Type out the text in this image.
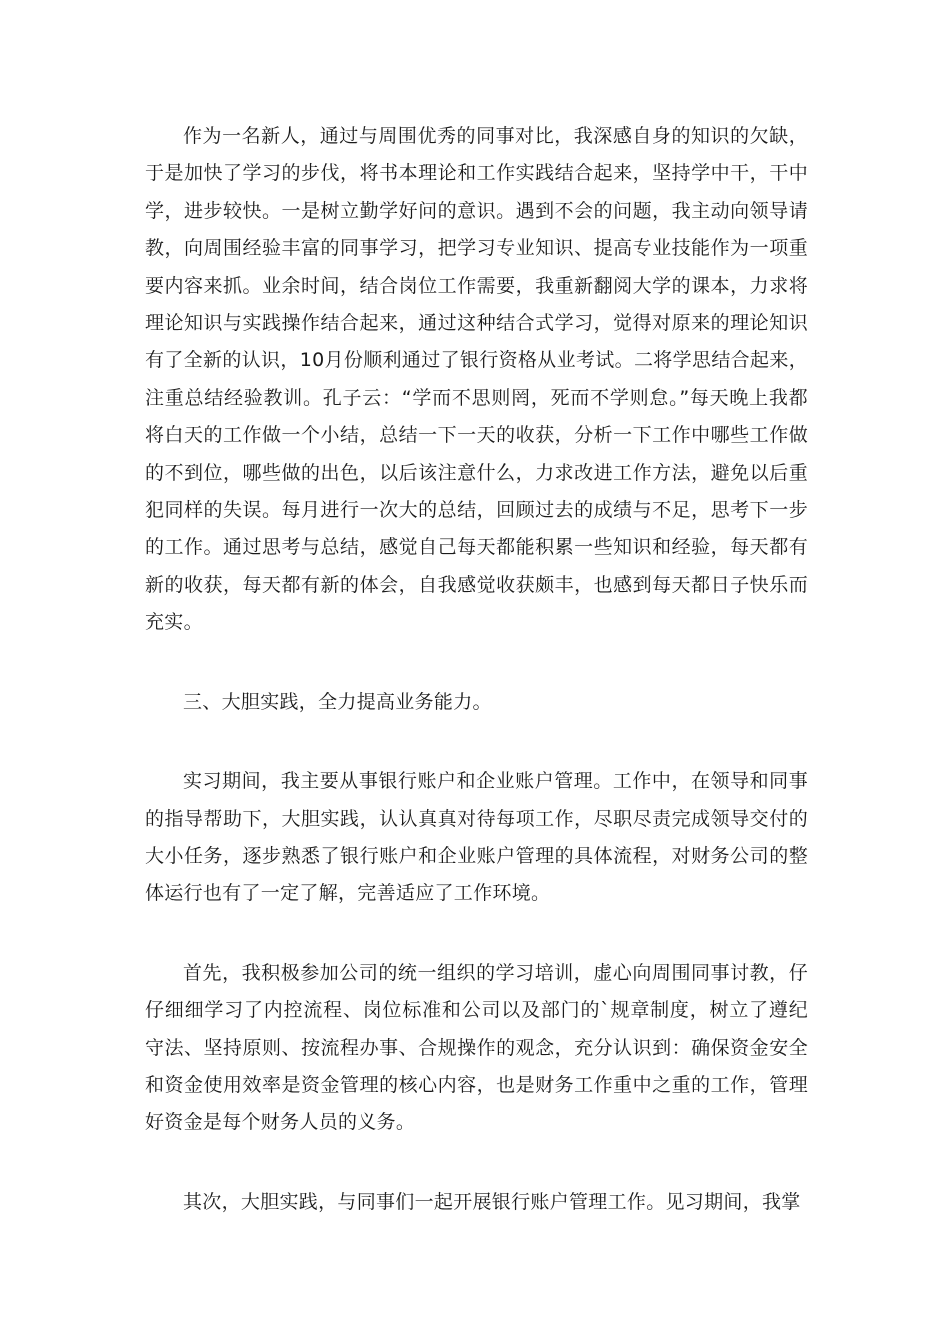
作为一名新人，通过与周围优秀的同事对比，我深感自身的知识的欠缺，于是加快了学习的步伐，将书本理论和工作实践结合起来，坚持学中干，干中学，进步较快。一是树立勤学好问的意识。遇到不会的问题，我主动向领导请教，向周围经验丰富的同事学习，把学习专业知识、提高专业技能作为一项重要内容来抓。业余时间，结合岗位工作需要，我重新翻阅大学的课本，力求将理论知识与实践操作结合起来，通过这种结合式学习，觉得对原来的理论知识有了全新的认识，10月份顺利通过了银行资格从业考试。二将学思结合起来，注重总结经验教训。孔子云：“学而不思则罔，死而不学则怠。”每天晚上我都将白天的工作做一个小结，总结一下一天的收获，分析一下工作中哪些工作做的不到位，哪些做的出色，以后该注意什么，力求改进工作方法，避免以后重犯同样的失误。每月进行一次大的总结，回顾过去的成绩与不足，思考下一步的工作。通过思考与总结，感觉自己每天都能积累一些知识和经验，每天都有新的收获，每天都有新的体会，自我感觉收获颇丰，也感到每天都日子快乐而充实。

三、大胆实践，全力提高业务能力。

实习期间，我主要从事银行账户和企业账户管理。工作中，在领导和同事的指导帮助下，大胆实践，认认真真对待每项工作，尽职尽责完成领导交付的大小任务，逐步熟悉了银行账户和企业账户管理的具体流程，对财务公司的整体运行也有了一定了解，完善适应了工作环境。

首先，我积极参加公司的统一组织的学习培训，虚心向周围同事讨教，仔仔细细学习了内控流程、岗位标准和公司以及部门的`规章制度，树立了遵纪守法、坚持原则、按流程办事、合规操作的观念，充分认识到：确保资金安全和资金使用效率是资金管理的核心内容，也是财务工作重中之重的工作，管理好资金是每个财务人员的义务。

其次，大胆实践，与同事们一起开展银行账户管理工作。见习期间，我掌
